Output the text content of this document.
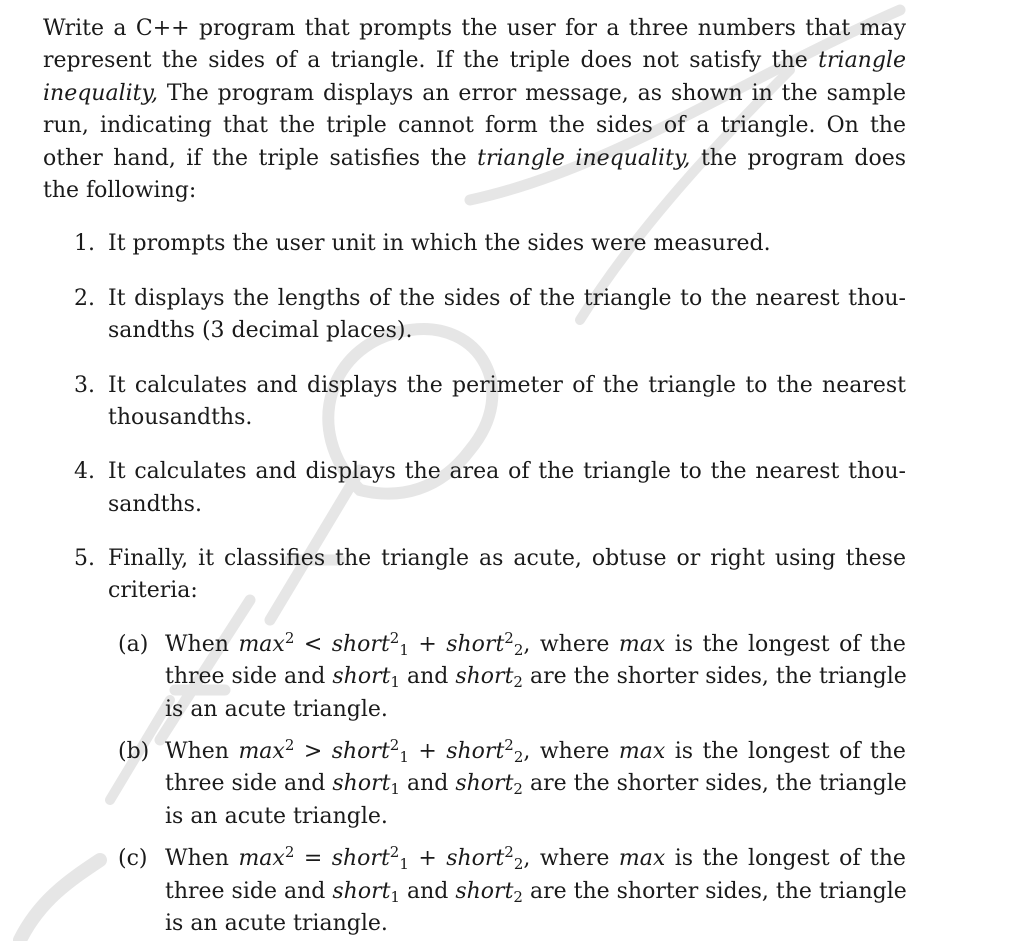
Write a C++ program that prompts the user for a three numbers that may
represent the sides of a triangle. If the triple does not satisfy the triangle
inequality, The program displays an error message, as shown in the sample
run, indicating that the triple cannot form the sides of a triangle. On the
other hand, if the triple satisfies the triangle inequality, the program does
the following:
1. It prompts the user unit in which the sides were measured.
2. It displays the lengths of the sides of the triangle to the nearest thou-
sandths (3 decimal places).
3. It calculates and displays the perimeter of the triangle to the nearest
thousandths.
4. It calculates and displays the area of the triangle to the nearest thou-
sandths.
5. Finally, it classifies the triangle as acute, obtuse or right using these
criteria:
(a) When $\max^2$ < short$^2_1$ + short$^2_2$, where max is the longest of the
three side and short$_1$ and short$_2$ are the shorter sides, the triangle
is an acute triangle.
(b) When $\max^2$ > short$^2_1$ + short$^2_2$, where max is the longest of the
three side and short$_1$ and short$_2$ are the shorter sides, the triangle
is an acute triangle.
(c) When $\max^2$ = short$^2_1$ + short$^2_2$, where max is the longest of the
three side and short$_1$ and short$_2$ are the shorter sides, the triangle
is an acute triangle.
